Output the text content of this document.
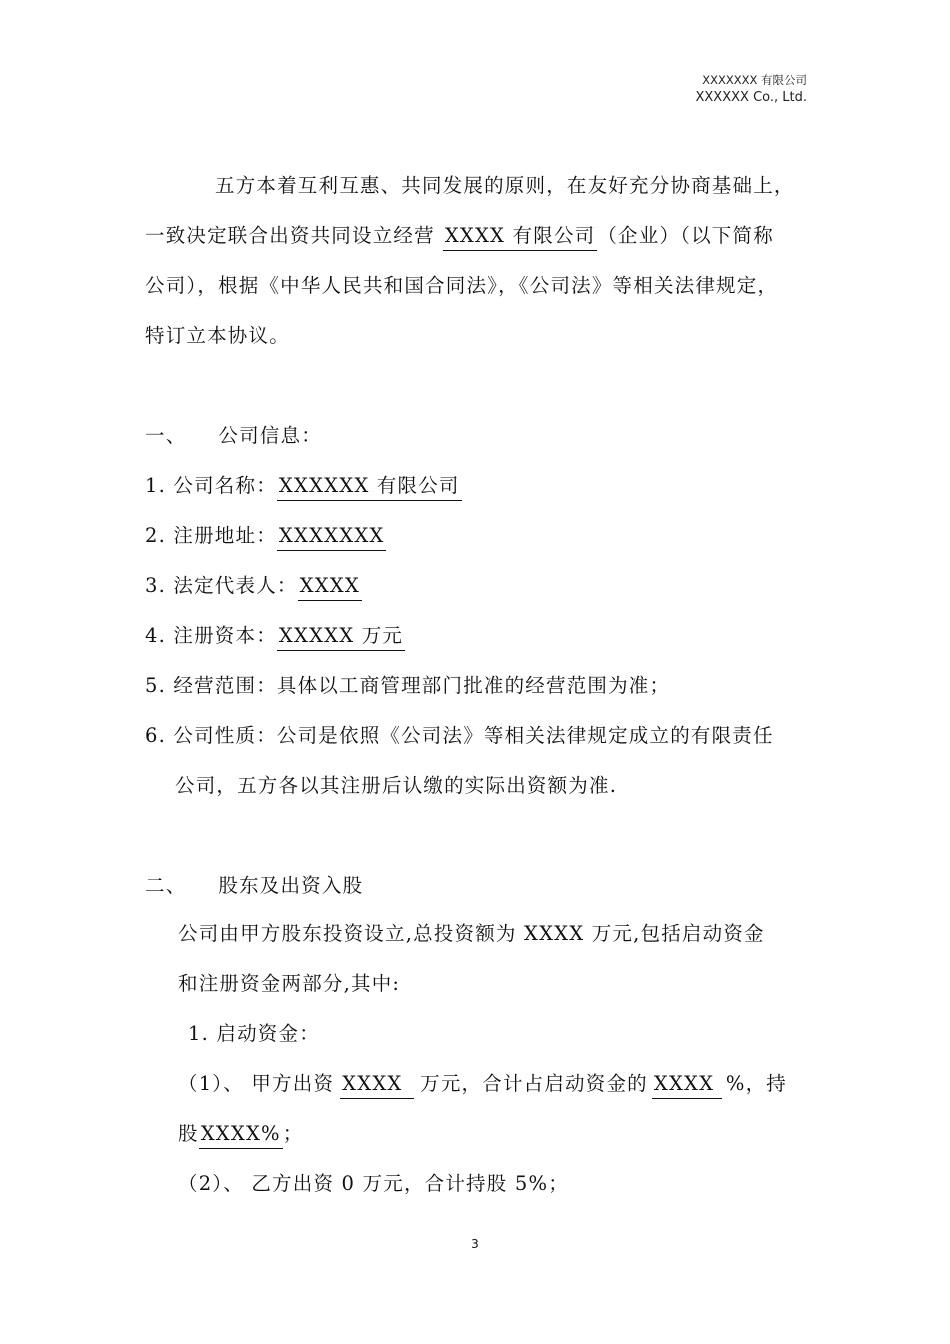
XXXXXXX 有限公司
XXXXXX Co., Ltd.
五方本着互利互惠、共同发展的原则，在友好充分协商基础上，
一致决定联合出资共同设立经营 XXXX 有限公司 （企业）（以下简称
公司），根据《中华人民共和国合同法》，《公司法》等相关法律规定，
特订立本协议。
一、 公司信息：
1. 公司名称： XXXXXX 有限公司
2. 注册地址： XXXXXXX
3. 法定代表人： XXXX
4. 注册资本： XXXXX 万元
5. 经营范围：具体以工商管理部门批准的经营范围为准；
6. 公司性质：公司是依照《公司法》等相关法律规定成立的有限责任
公司，五方各以其注册后认缴的实际出资额为准.
二、 股东及出资入股
公司由甲方股东投资设立,总投资额为 XXXX 万元,包括启动资金
和注册资金两部分,其中:
1. 启动资金：
（1）、 甲方出资 XXXX 万元，合计占启动资金的 XXXX %，持
股 XXXX% ；
（2）、 乙方出资 0 万元，合计持股 5%；
3
